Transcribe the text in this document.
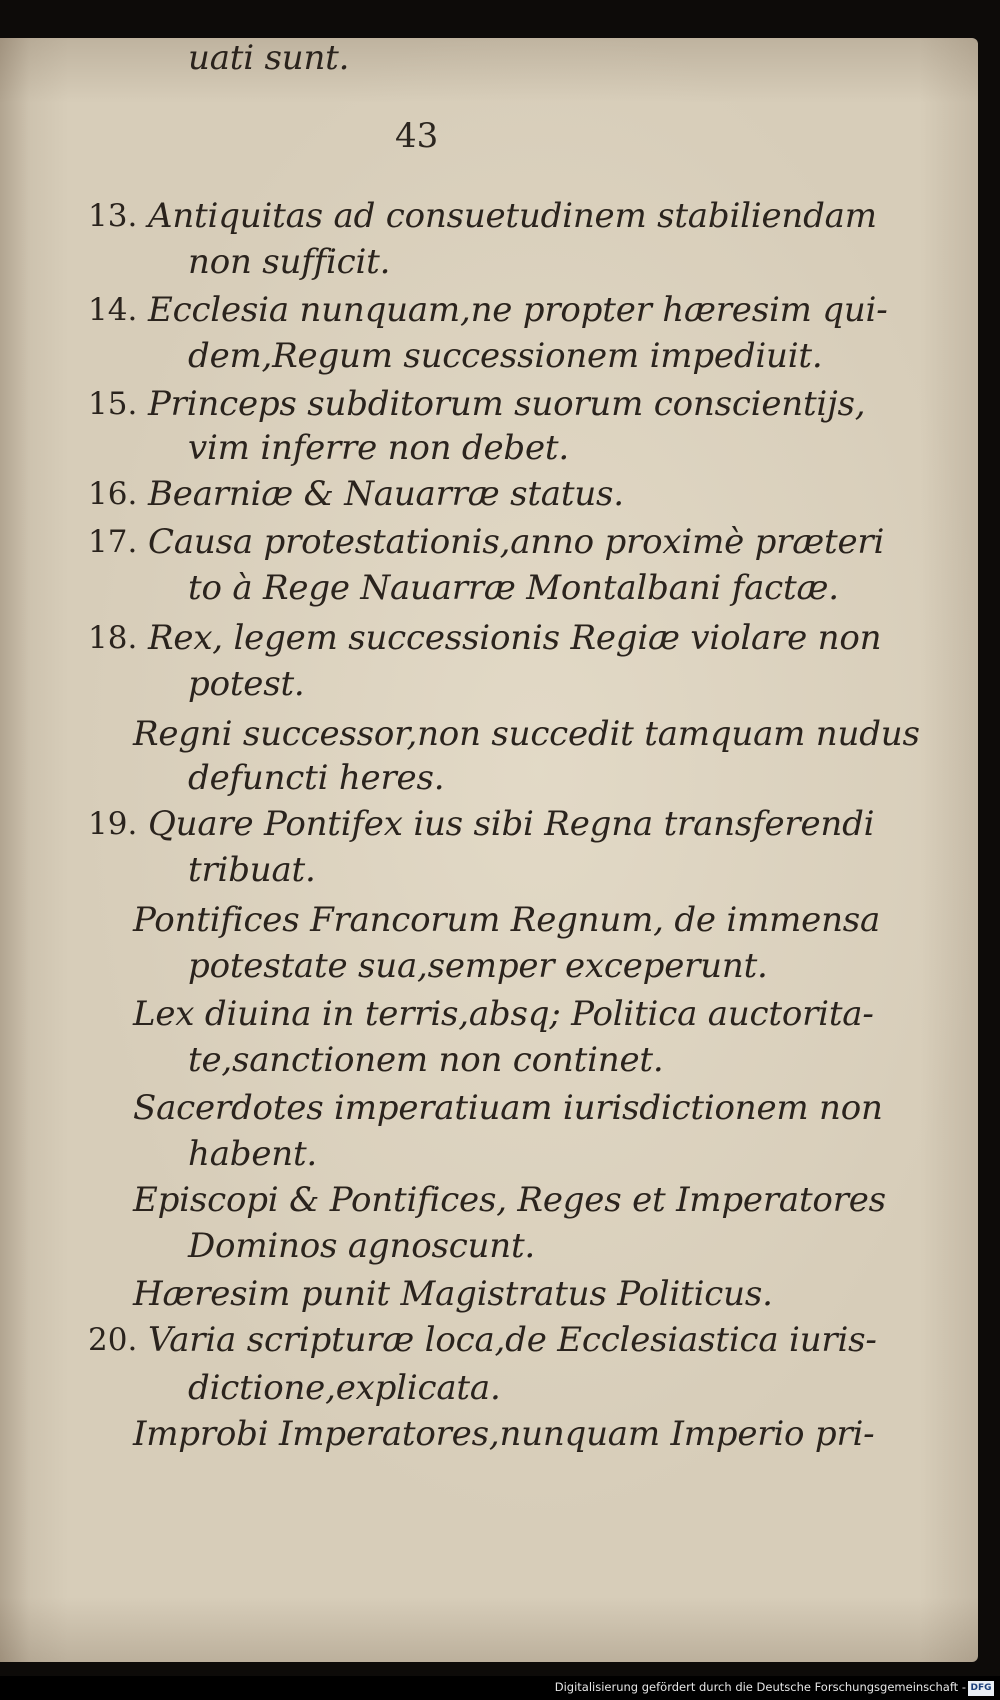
43
13. Antiquitas ad consuetudinem stabiliendam
non sufficit.
14. Ecclesia nunquam,ne propter hæresim qui-
dem,Regum successionem impediuit.
15. Princeps subditorum suorum conscientijs,
vim inferre non debet.
16. Bearniæ & Nauarræ status.
17. Causa protestationis,anno proximè præteri
to à Rege Nauarræ Montalbani factæ.
18. Rex, legem successionis Regiæ violare non
potest.
Regni successor,non succedit tamquam nudus
defuncti heres.
19. Quare Pontifex ius sibi Regna transferendi
tribuat.
Pontifices Francorum Regnum, de immensa
potestate sua,semper exceperunt.
Lex diuina in terris,absq; Politica auctorita-
te,sanctionem non continet.
Sacerdotes imperatiuam iurisdictionem non
habent.
Episcopi & Pontifices, Reges et Imperatores
Dominos agnoscunt.
Hæresim punit Magistratus Politicus.
20. Varia scripturæ loca,de Ecclesiastica iuris-
dictione,explicata.
Improbi Imperatores,nunquam Imperio pri-
uati sunt.
Digitalisierung gefördert durch die Deutsche Forschungsgemeinschaft - DFG
